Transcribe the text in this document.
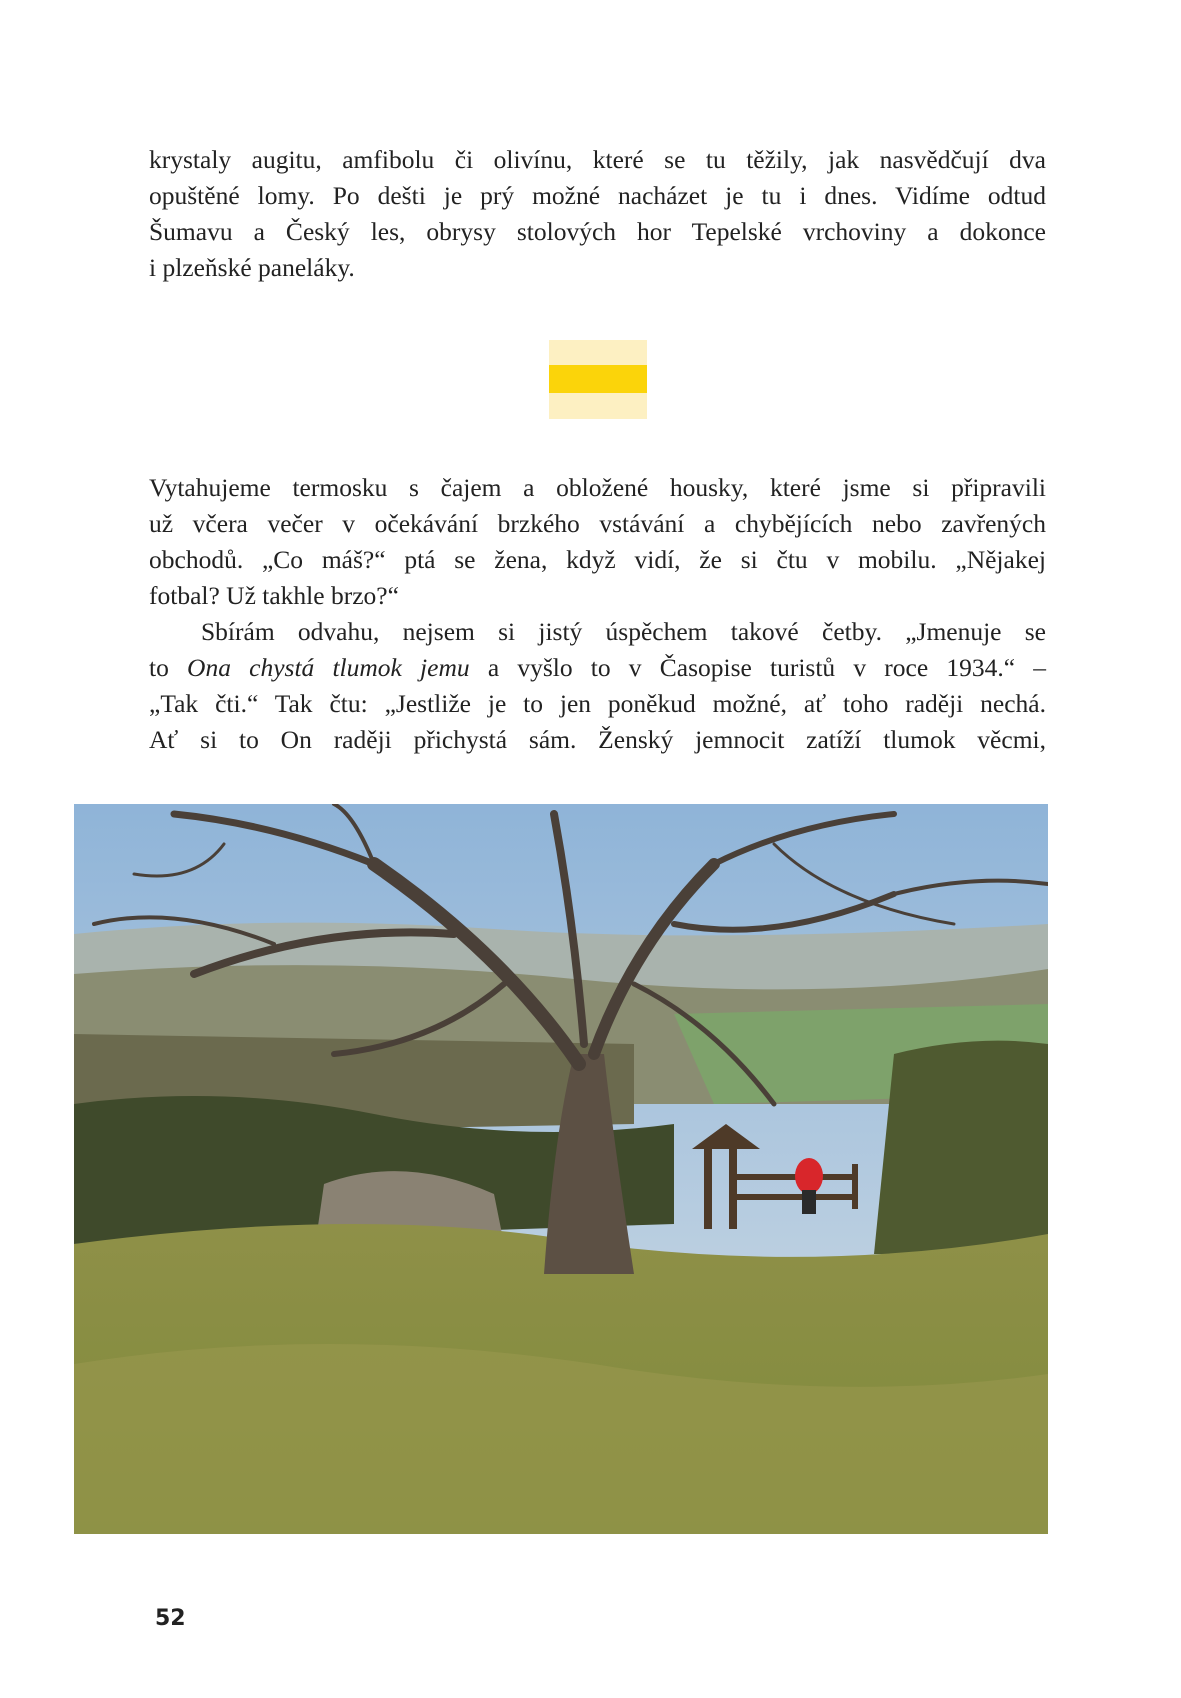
krystaly augitu, amfibolu či olivínu, které se tu těžily, jak nasvědčují dva
opuštěné lomy. Po dešti je prý možné nacházet je tu i dnes. Vidíme odtud
Šumavu a Český les, obrysy stolových hor Tepelské vrchoviny a dokonce
i plzeňské paneláky.
Vytahujeme termosku s čajem a obložené housky, které jsme si připravili
už včera večer v očekávání brzkého vstávání a chybějících nebo zavřených
obchodů. „Co máš?“ ptá se žena, když vidí, že si čtu v mobilu. „Nějakej
fotbal? Už takhle brzo?“
Sbírám odvahu, nejsem si jistý úspěchem takové četby. „Jmenuje se
to Ona chystá tlumok jemu a vyšlo to v Časopise turistů v roce 1934.“ –
„Tak čti.“ Tak čtu: „Jestliže je to jen poněkud možné, ať toho raději nechá.
Ať si to On raději přichystá sám. Ženský jemnocit zatíží tlumok věcmi,
52
